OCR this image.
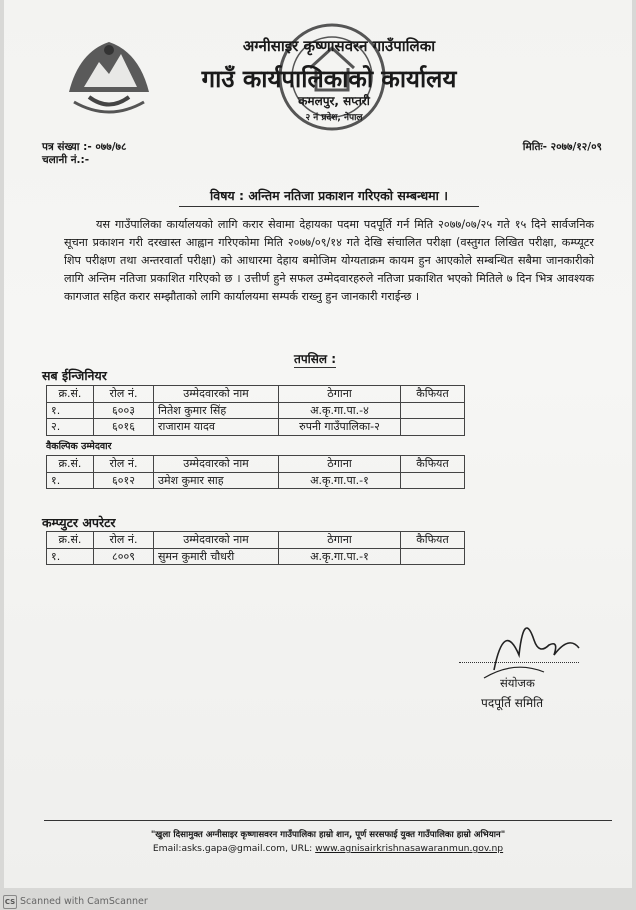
अग्नीसाइर कृष्णासवरन गाउँपालिका
गाउँ कार्यपालिकाको कार्यालय
कमलपुर, सप्तरी
२ नं प्रदेश, नेपाल
पत्र संख्या :- ०७७/७८
चलानी नं.:-
मितिः- २०७७/१२/०९
विषय : अन्तिम नतिजा प्रकाशन गरिएको सम्बन्धमा ।

यस गाउँपालिका कार्यालयको लागि करार सेवामा देहायका पदमा पदपूर्ति गर्न मिति २०७७/०७/२५ गते १५ दिने सार्वजनिक सूचना प्रकाशन गरी दरखास्त आह्वान गरिएकोमा मिति २०७७/०९/१४ गते देखि संचालित परीक्षा (वस्तुगत लिखित परीक्षा, कम्प्यूटर शिप परीक्षण तथा अन्तरवार्ता परीक्षा) को आधारमा देहाय बमोजिम योग्यताक्रम कायम हुन आएकोले सम्बन्धित सबैमा जानकारीको लागि अन्तिम नतिजा प्रकाशित गरिएको छ । उत्तीर्ण हुने सफल उम्मेदवारहरुले नतिजा प्रकाशित भएको मितिले ७ दिन भित्र आवश्यक कागजात सहित करार सम्झौताको लागि कार्यालयमा सम्पर्क राख्नु हुन जानकारी गराईन्छ ।

तपसिल :
सब ईन्जिनियर
क्र.सं.	रोल नं.	उम्मेदवारको नाम	ठेगाना	कैफियत
१.	६००३	नितेश कुमार सिंह	अ.कृ.गा.पा.-४	
२.	६०१६	राजाराम यादव	रुपनी गाउँपालिका-२	
वैकल्पिक उम्मेदवार
क्र.सं.	रोल नं.	उम्मेदवारको नाम	ठेगाना	कैफियत
१.	६०१२	उमेश कुमार साह	अ.कृ.गा.पा.-१	
कम्प्युटर अपरेटर
क्र.सं.	रोल नं.	उम्मेदवारको नाम	ठेगाना	कैफियत
१.	८००९	सुमन कुमारी चौधरी	अ.कृ.गा.पा.-१	
संयोजक
पदपूर्ति समिति
"खुला दिसामुक्त अग्नीसाइर कृष्णासवरन गाउँपालिका हाम्रो शान, पूर्ण सरसफाई युक्त गाउँपालिका हाम्रो अभियान"
Email:asks.gapa@gmail.com, URL: www.agnisairkrishnasawaranmun.gov.np
CS Scanned with CamScanner
